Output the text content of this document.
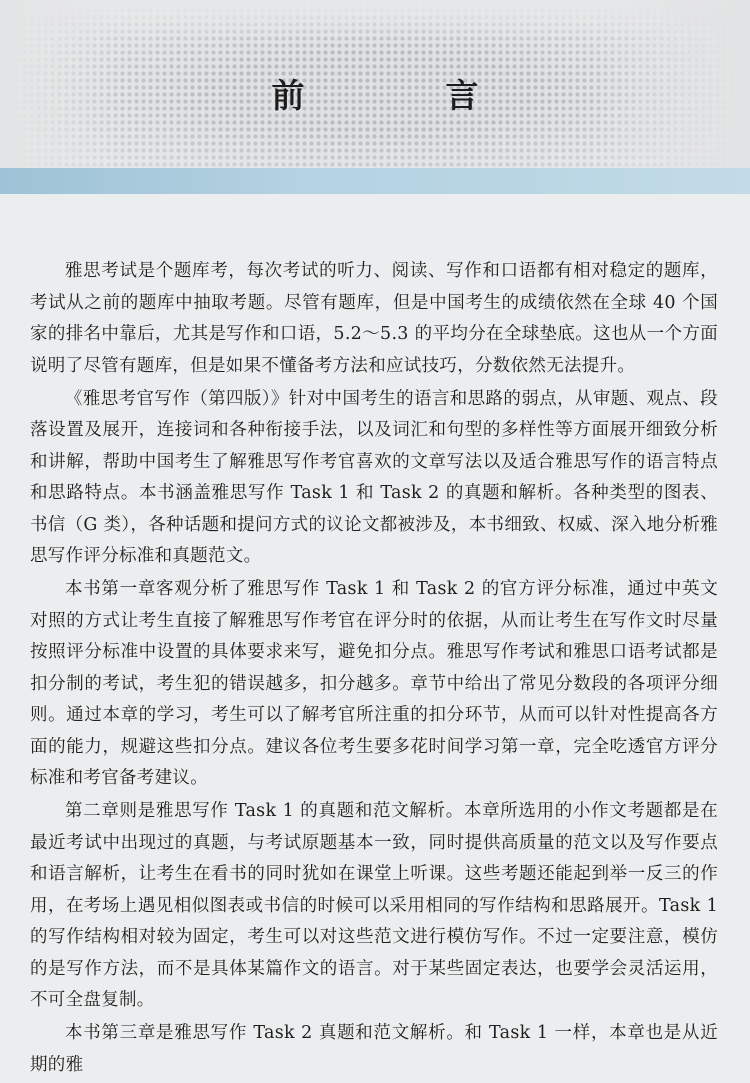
前　言

雅思考试是个题库考，每次考试的听力、阅读、写作和口语都有相对稳定的题库，考试从之前的题库中抽取考题。尽管有题库，但是中国考生的成绩依然在全球 40 个国家的排名中靠后，尤其是写作和口语，5.2～5.3 的平均分在全球垫底。这也从一个方面说明了尽管有题库，但是如果不懂备考方法和应试技巧，分数依然无法提升。

《雅思考官写作（第四版）》针对中国考生的语言和思路的弱点，从审题、观点、段落设置及展开，连接词和各种衔接手法，以及词汇和句型的多样性等方面展开细致分析和讲解，帮助中国考生了解雅思写作考官喜欢的文章写法以及适合雅思写作的语言特点和思路特点。本书涵盖雅思写作 Task 1 和 Task 2 的真题和解析。各种类型的图表、书信（G 类），各种话题和提问方式的议论文都被涉及，本书细致、权威、深入地分析雅思写作评分标准和真题范文。

本书第一章客观分析了雅思写作 Task 1 和 Task 2 的官方评分标准，通过中英文对照的方式让考生直接了解雅思写作考官在评分时的依据，从而让考生在写作文时尽量按照评分标准中设置的具体要求来写，避免扣分点。雅思写作考试和雅思口语考试都是扣分制的考试，考生犯的错误越多，扣分越多。章节中给出了常见分数段的各项评分细则。通过本章的学习，考生可以了解考官所注重的扣分环节，从而可以针对性提高各方面的能力，规避这些扣分点。建议各位考生要多花时间学习第一章，完全吃透官方评分标准和考官备考建议。

第二章则是雅思写作 Task 1 的真题和范文解析。本章所选用的小作文考题都是在最近考试中出现过的真题，与考试原题基本一致，同时提供高质量的范文以及写作要点和语言解析，让考生在看书的同时犹如在课堂上听课。这些考题还能起到举一反三的作用，在考场上遇见相似图表或书信的时候可以采用相同的写作结构和思路展开。Task 1 的写作结构相对较为固定，考生可以对这些范文进行模仿写作。不过一定要注意，模仿的是写作方法，而不是具体某篇作文的语言。对于某些固定表达，也要学会灵活运用，不可全盘复制。

本书第三章是雅思写作 Task 2 真题和范文解析。和 Task 1 一样，本章也是从近期的雅
